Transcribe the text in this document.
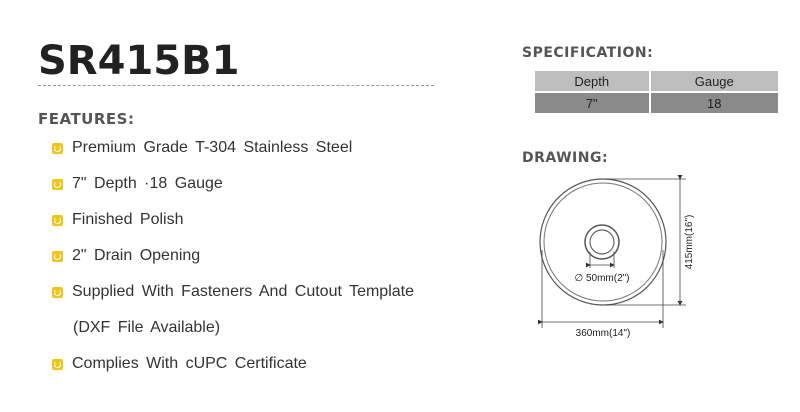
SR415B1
FEATURES:
Premium Grade T-304 Stainless Steel
7" Depth ·18 Gauge
Finished Polish
2" Drain Opening
Supplied With Fasteners And Cutout Template
(DXF File Available)
Complies With cUPC Certificate
SPECIFICATION:
Depth	Gauge
7"	18
DRAWING:
∅ 50mm(2")
360mm(14")
415mm(16")
